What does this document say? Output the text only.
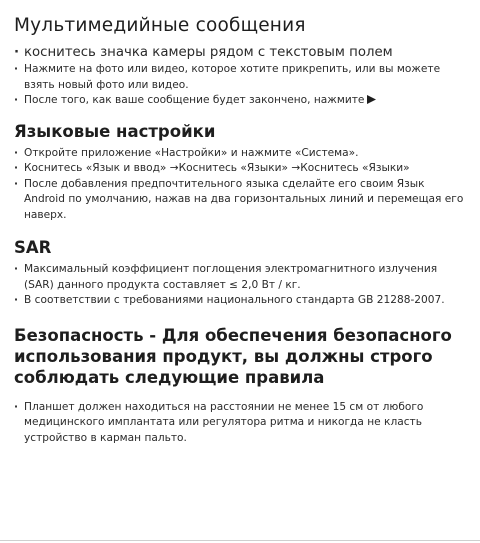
Мультимедийные сообщения
· коснитесь значка камеры рядом с текстовым полем
· Нажмите на фото или видео, которое хотите прикрепить, или вы можете взять новый фото или видео.
· После того, как ваше сообщение будет закончено, нажмите
Языковые настройки
· Откройте приложение «Настройки» и нажмите «Система».
· Коснитесь «Язык и ввод» →Коснитесь «Языки» →Коснитесь «Языки»
· После добавления предпочтительного языка сделайте его своим Язык Android по умолчанию, нажав на два горизонтальных линий и перемещая его наверх.
SAR
· Максимальный коэффициент поглощения электромагнитного излучения (SAR) данного продукта составляет ≤ 2,0 Вт / кг.
· В соответствии с требованиями национального стандарта GB 21288-2007.
Безопасность - Для обеспечения безопасного использования продукт, вы должны строго соблюдать следующие правила
· Планшет должен находиться на расстоянии не менее 15 см от любого медицинского имплантата или регулятора ритма и никогда не класть устройство в карман пальто.
